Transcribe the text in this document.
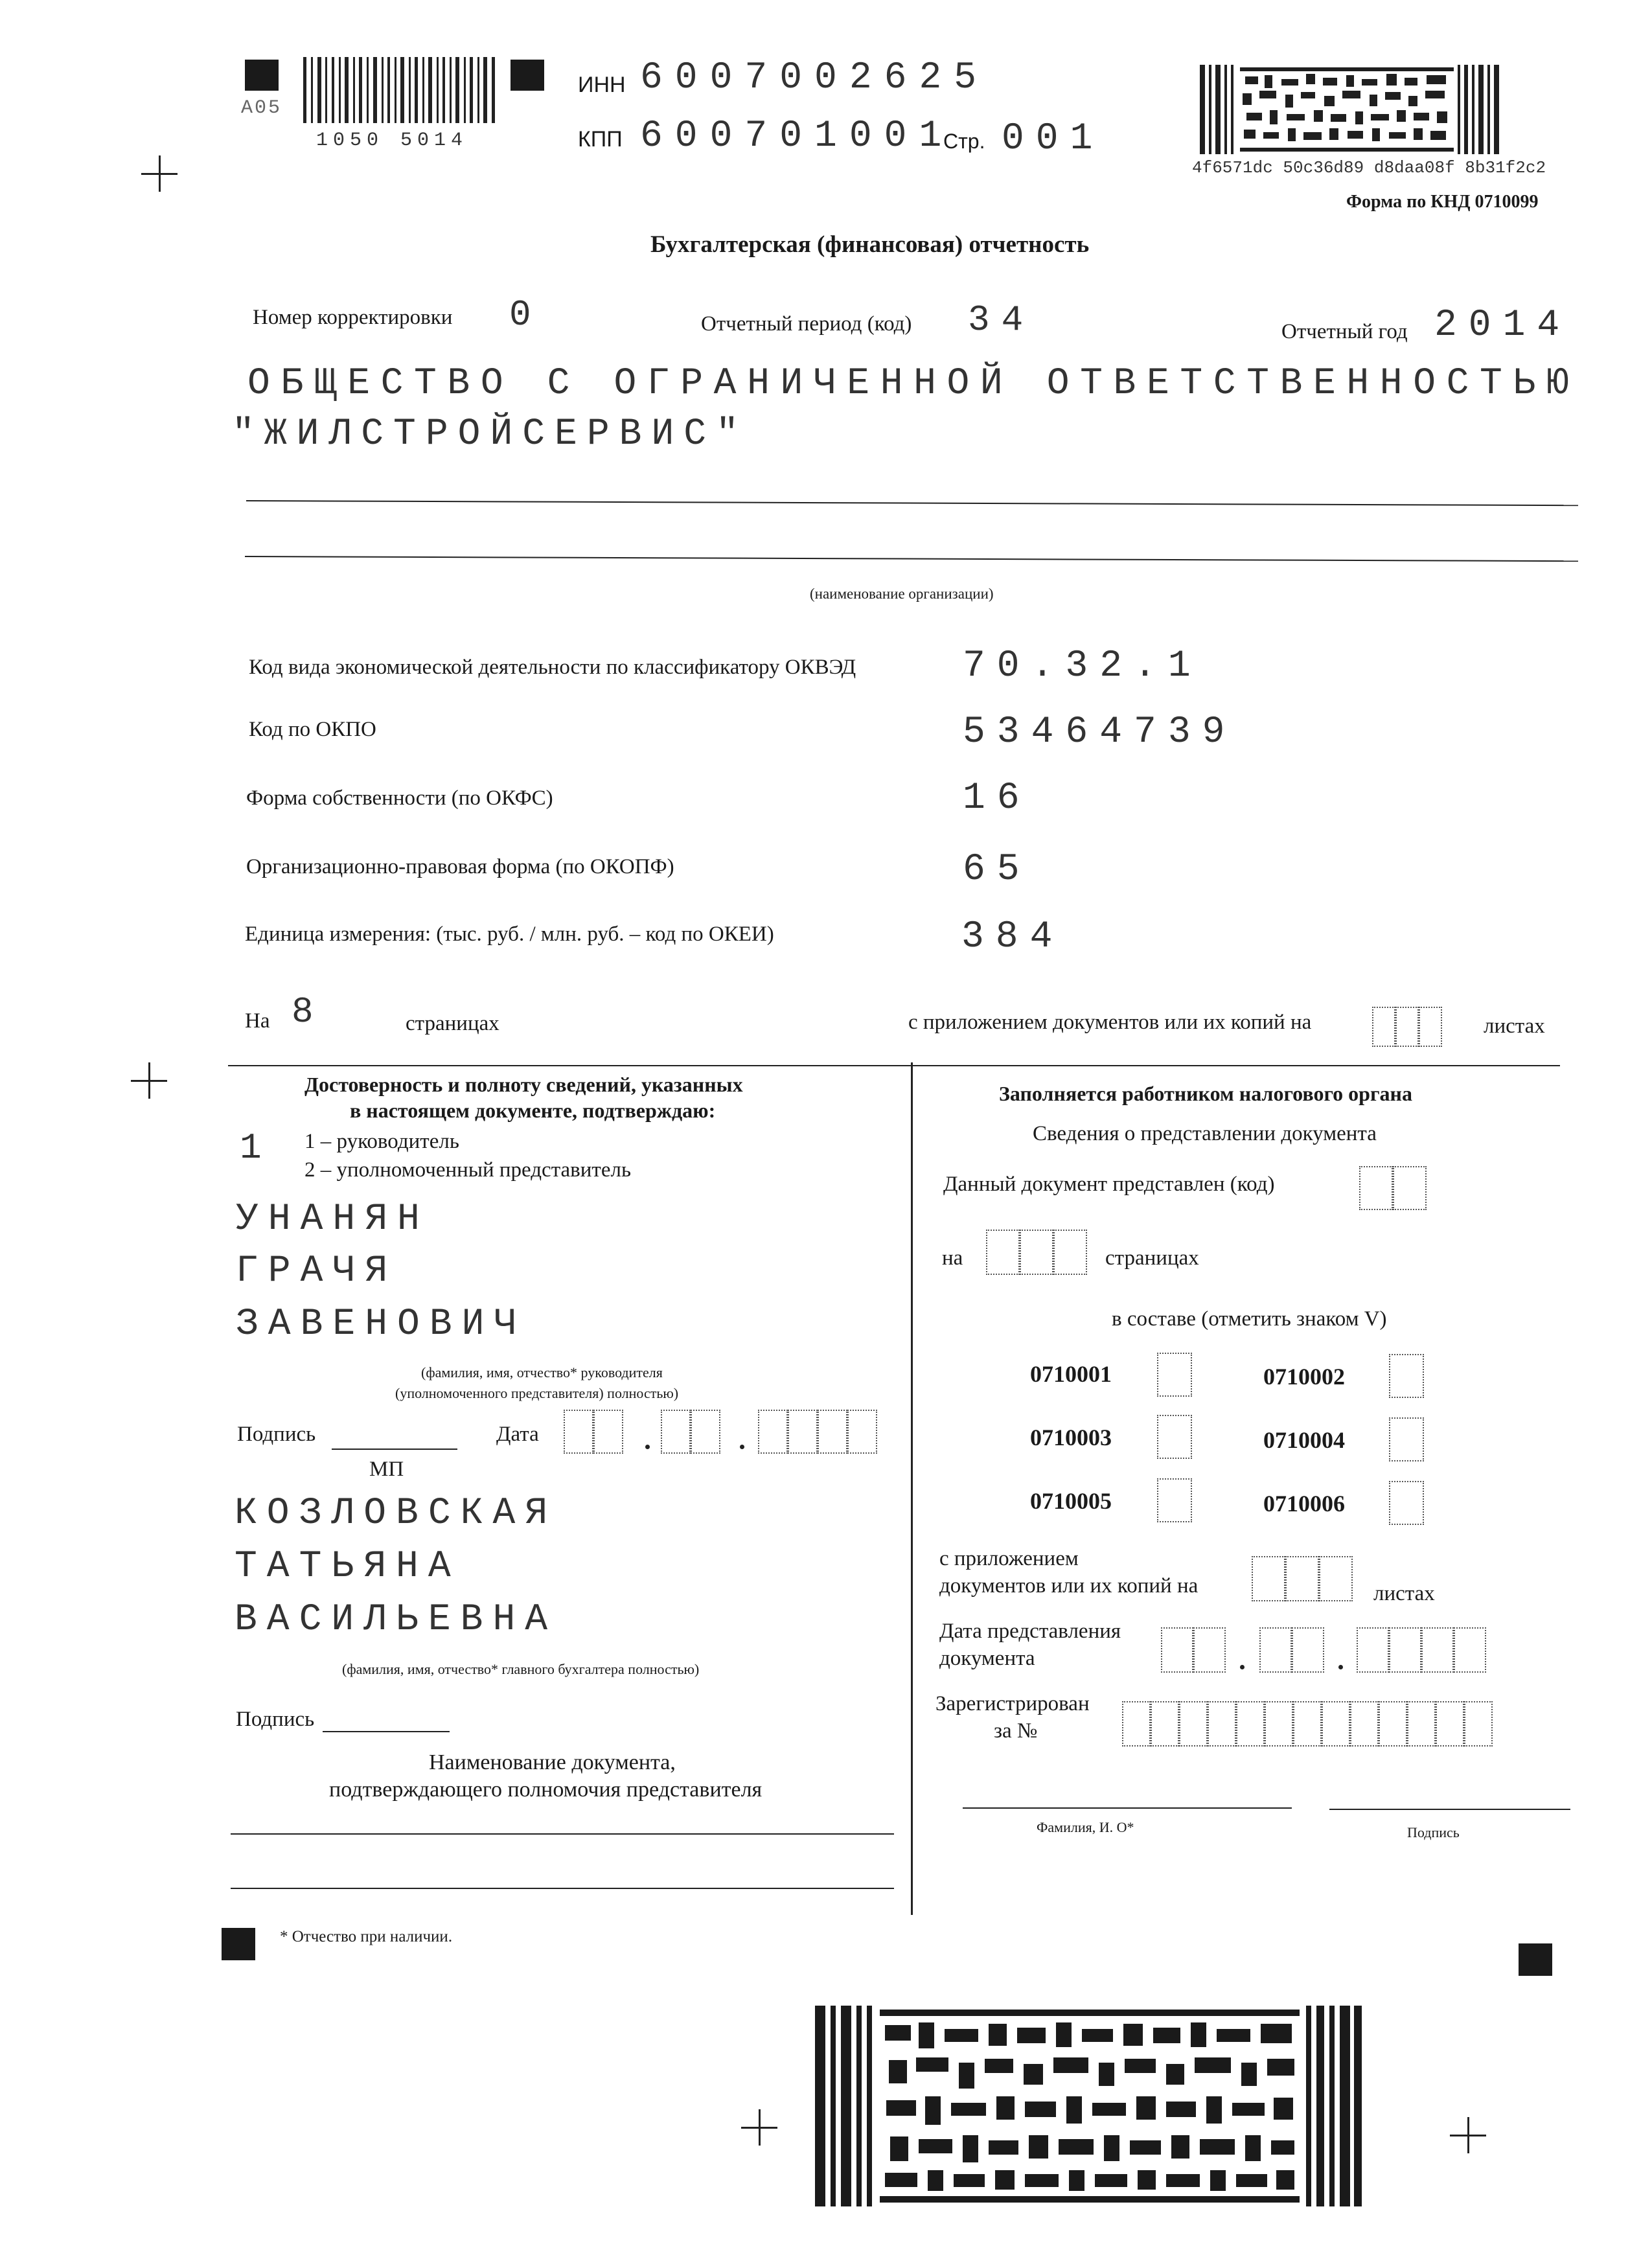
А05
1050 5014
ИНН 6007002625
КПП 600701001
Стр. 001
4f6571dc 50c36d89 d8daa08f 8b31f2c2
Форма по КНД 0710099
Бухгалтерская (финансовая) отчетность
Номер корректировки 0	Отчетный период (код) 34	Отчетный год 2014
ОБЩЕСТВО С ОГРАНИЧЕННОЙ ОТВЕТСТВЕННОСТЬЮ
"ЖИЛСТРОЙСЕРВИС"
(наименование организации)
Код вида экономической деятельности по классификатору ОКВЭД	70.32.1
Код по ОКПО	53464739
Форма собственности (по ОКФС)	16
Организационно-правовая форма (по ОКОПФ)	65
Единица измерения: (тыс. руб. / млн. руб. – код по ОКЕИ)	384
На 8	страницах	с приложением документов или их копий на	листах
Достоверность и полноту сведений, указанных
в настоящем документе, подтверждаю:
1 1 – руководитель
2 – уполномоченный представитель
УНАНЯН
ГРАЧЯ
ЗАВЕНОВИЧ
(фамилия, имя, отчество* руководителя
(уполномоченного представителя) полностью)
Подпись	Дата
МП
КОЗЛОВСКАЯ
ТАТЬЯНА
ВАСИЛЬЕВНА
(фамилия, имя, отчество* главного бухгалтера полностью)
Подпись
Наименование документа,
подтверждающего полномочия представителя
Заполняется работником налогового органа
Сведения о представлении документа
Данный документ представлен (код)
на	страницах
в составе (отметить знаком V)
0710001	0710002
0710003	0710004
0710005	0710006
с приложением
документов или их копий на	листах
Дата представления
документа
Зарегистрирован
за №
Фамилия, И. О*	Подпись
* Отчество при наличии.
